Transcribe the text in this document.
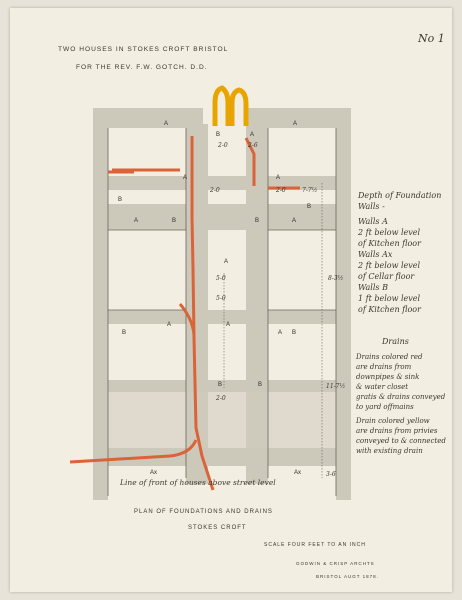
TWO HOUSES IN STOKES CROFT BRISTOL
FOR THE REV. F.W. GOTCH. D.D.
No 1
A
B	A
A
A
B
A
B
A	B	B	A
A
A	A
B	A B
B	B
Ax	Ax
2-0
2-0	2-0	7-7½
5-0	8-3½
5-0
2-0
11-7½
3-6
2-6
Line of front of houses above street level
Depth of Foundation Walls -
Walls A
2 ft below level
of Kitchen floor
Walls Ax
2 ft below level
of Cellar floor
Walls B
1 ft below level
of Kitchen floor
Drains
Drains colored red
are drains from
downpipes & sink
& water closet
gratis & drains conveyed
to yard offmains
Drain colored yellow
are drains from privies
conveyed to & connected
with existing drain
PLAN OF FOUNDATIONS AND DRAINS
STOKES CROFT
SCALE FOUR FEET TO AN INCH
GODWIN & CRISP ARCHTS
BRISTOL AUGT 1878.
